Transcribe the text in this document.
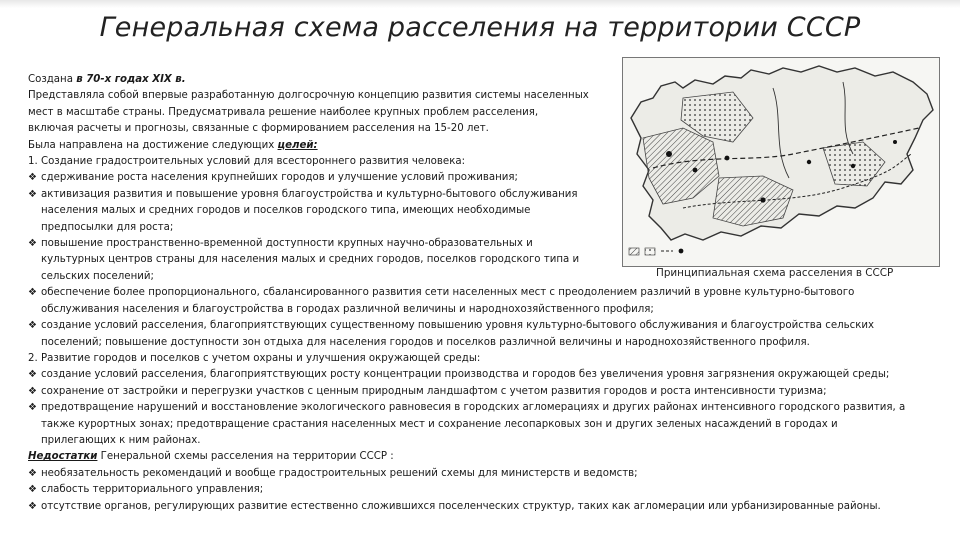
Генеральная схема расселения на территории СССР
Создана в 70-х годах XIX в.
Представляла собой впервые разработанную долгосрочную концепцию развития системы населенных
мест в масштабе страны. Предусматривала решение наиболее крупных проблем расселения,
включая расчеты и прогнозы, связанные с формированием расселения на 15-20 лет.
Была направлена на достижение следующих целей:
1. Создание градостроительных условий для всестороннего развития человека:
❖ сдерживание роста населения крупнейших городов и улучшение условий проживания;
❖ активизация развития и повышение уровня благоустройства и культурно-бытового обслуживания
населения малых и средних городов и поселков городского типа, имеющих необходимые
предпосылки для роста;
❖ повышение пространственно-временной доступности крупных научно-образовательных и
культурных центров страны для населения малых и средних городов, поселков городского типа и
сельских поселений;
❖ обеспечение более пропорционального, сбалансированного развития сети населенных мест с преодолением различий в уровне культурно-бытового
обслуживания населения и благоустройства в городах различной величины и народнохозяйственного профиля;
❖ создание условий расселения, благоприятствующих существенному повышению уровня культурно-бытового обслуживания и благоустройства сельских
поселений; повышение доступности зон отдыха для населения городов и поселков различной величины и народнохозяйственного профиля.
2. Развитие городов и поселков с учетом охраны и улучшения окружающей среды:
❖ создание условий расселения, благоприятствующих росту концентрации производства и городов без увеличения уровня загрязнения окружающей среды;
❖ сохранение от застройки и перегрузки участков с ценным природным ландшафтом с учетом развития городов и роста интенсивности туризма;
❖ предотвращение нарушений и восстановление экологического равновесия в городских агломерациях и других районах интенсивного городского развития, а
также курортных зонах; предотвращение срастания населенных мест и сохранение лесопарковых зон и других зеленых насаждений в городах и
прилегающих к ним районах.
Недостатки Генеральной схемы расселения на территории СССР :
❖ необязательность рекомендаций и вообще градостроительных решений схемы для министерств и ведомств;
❖ слабость территориального управления;
❖ отсутствие органов, регулирующих развитие естественно сложившихся поселенческих структур, таких как агломерации или урбанизированные районы.
Принципиальная схема расселения в СССР
